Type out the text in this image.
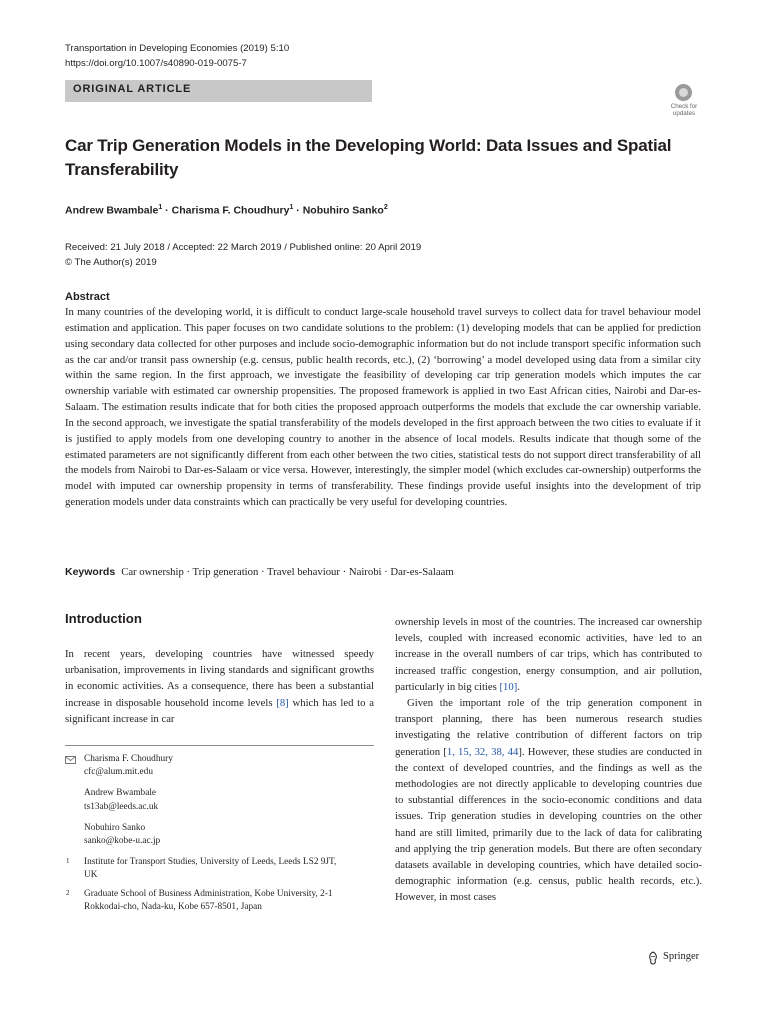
Transportation in Developing Economies (2019) 5:10
https://doi.org/10.1007/s40890-019-0075-7
ORIGINAL ARTICLE
Check for
updates
Car Trip Generation Models in the Developing World: Data Issues and Spatial Transferability
Andrew Bwambale$^1$ · Charisma F. Choudhury$^1$ · Nobuhiro Sanko$^2$
Received: 21 July 2018 / Accepted: 22 March 2019 / Published online: 20 April 2019
© The Author(s) 2019
Abstract
In many countries of the developing world, it is difficult to conduct large-scale household travel surveys to collect data for travel behaviour model estimation and application. This paper focuses on two candidate solutions to the problem: (1) developing models that can be applied for prediction using secondary data collected for other purposes and include socio-demographic information but do not include transport specific information such as the car and/or transit pass ownership (e.g. census, public health records, etc.), (2) ‘borrowing’ a model developed using data from a similar city within the same region. In the first approach, we investigate the feasibility of developing car trip generation models which imputes the car ownership variable with estimated car ownership propensities. The proposed framework is applied in two East African cities, Nairobi and Dar-es-Salaam. The estimation results indicate that for both cities the proposed approach outperforms the models that exclude the car ownership variable. In the second approach, we investigate the spatial transferability of the models developed in the first approach between the two cities to evaluate if it is justified to apply models from one developing country to another in the absence of local models. Results indicate that though some of the estimated parameters are not significantly different from each other between the two cities, statistical tests do not support direct transferability of all the models from Nairobi to Dar-es-Salaam or vice versa. However, interestingly, the simpler model (which excludes car-ownership) outperforms the model with imputed car ownership propensity in terms of transferability. These findings provide useful insights into the development of trip generation models under data constraints which can practically be very useful for developing countries.
Keywords Car ownership · Trip generation · Travel behaviour · Nairobi · Dar-es-Salaam
Introduction

In recent years, developing countries have witnessed speedy urbanisation, improvements in living standards and significant growths in economic activities. As a consequence, there has been a substantial increase in disposable household income levels [8] which has led to a significant increase in car

ownership levels in most of the countries. The increased car ownership levels, coupled with increased economic activities, have led to an increase in the overall numbers of car trips, which has contributed to increased traffic congestion, energy consumption, and air pollution, particularly in big cities [10].

Given the important role of the trip generation component in transport planning, there has been numerous research studies investigating the relative contribution of different factors on trip generation [1, 15, 32, 38, 44]. However, these studies are conducted in the context of developed countries, and the findings as well as the methodologies are not directly applicable to developing countries due to substantial differences in the socio-economic conditions and data issues. Trip generation studies in developing countries on the other hand are still limited, primarily due to the lack of data for calibrating and applying the trip generation models. But there are often secondary datasets available in developing countries, which have detailed socio-demographic information (e.g. census, public health records, etc.). However, in most cases

Charisma F. Choudhury
cfc@alum.mit.edu
Andrew Bwambale
ts13ab@leeds.ac.uk
Nobuhiro Sanko
sanko@kobe-u.ac.jp
1 Institute for Transport Studies, University of Leeds, Leeds LS2 9JT, UK
2 Graduate School of Business Administration, Kobe University, 2-1 Rokkodai-cho, Nada-ku, Kobe 657-8501, Japan
Springer
